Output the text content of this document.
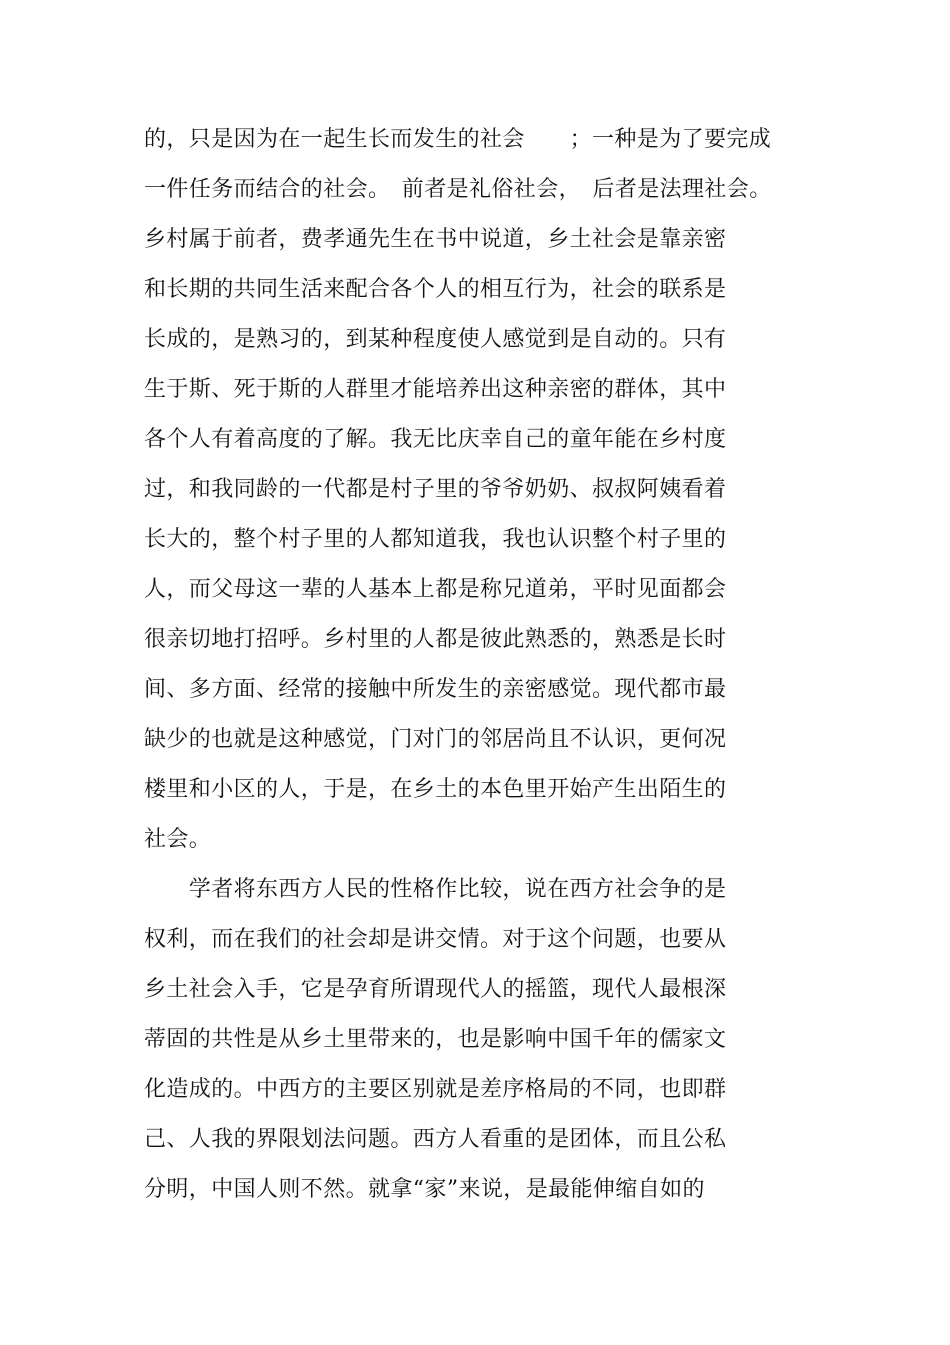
的，只是因为在一起生长而发生的社会　　；一种是为了要完成
一件任务而结合的社会。　前者是礼俗社会，　后者是法理社会。
乡村属于前者，费孝通先生在书中说道，乡土社会是靠亲密
和长期的共同生活来配合各个人的相互行为，社会的联系是
长成的，是熟习的，到某种程度使人感觉到是自动的。只有
生于斯、死于斯的人群里才能培养出这种亲密的群体，其中
各个人有着高度的了解。我无比庆幸自己的童年能在乡村度
过，和我同龄的一代都是村子里的爷爷奶奶、叔叔阿姨看着
长大的，整个村子里的人都知道我，我也认识整个村子里的
人，而父母这一辈的人基本上都是称兄道弟，平时见面都会
很亲切地打招呼。乡村里的人都是彼此熟悉的，熟悉是长时
间、多方面、经常的接触中所发生的亲密感觉。现代都市最
缺少的也就是这种感觉，门对门的邻居尚且不认识，更何况
楼里和小区的人，于是，在乡土的本色里开始产生出陌生的
社会。
　　学者将东西方人民的性格作比较，说在西方社会争的是
权利，而在我们的社会却是讲交情。对于这个问题，也要从
乡土社会入手，它是孕育所谓现代人的摇篮，现代人最根深
蒂固的共性是从乡土里带来的，也是影响中国千年的儒家文
化造成的。中西方的主要区别就是差序格局的不同，也即群
己、人我的界限划法问题。西方人看重的是团体，而且公私
分明，中国人则不然。就拿“家”来说，是最能伸缩自如的
